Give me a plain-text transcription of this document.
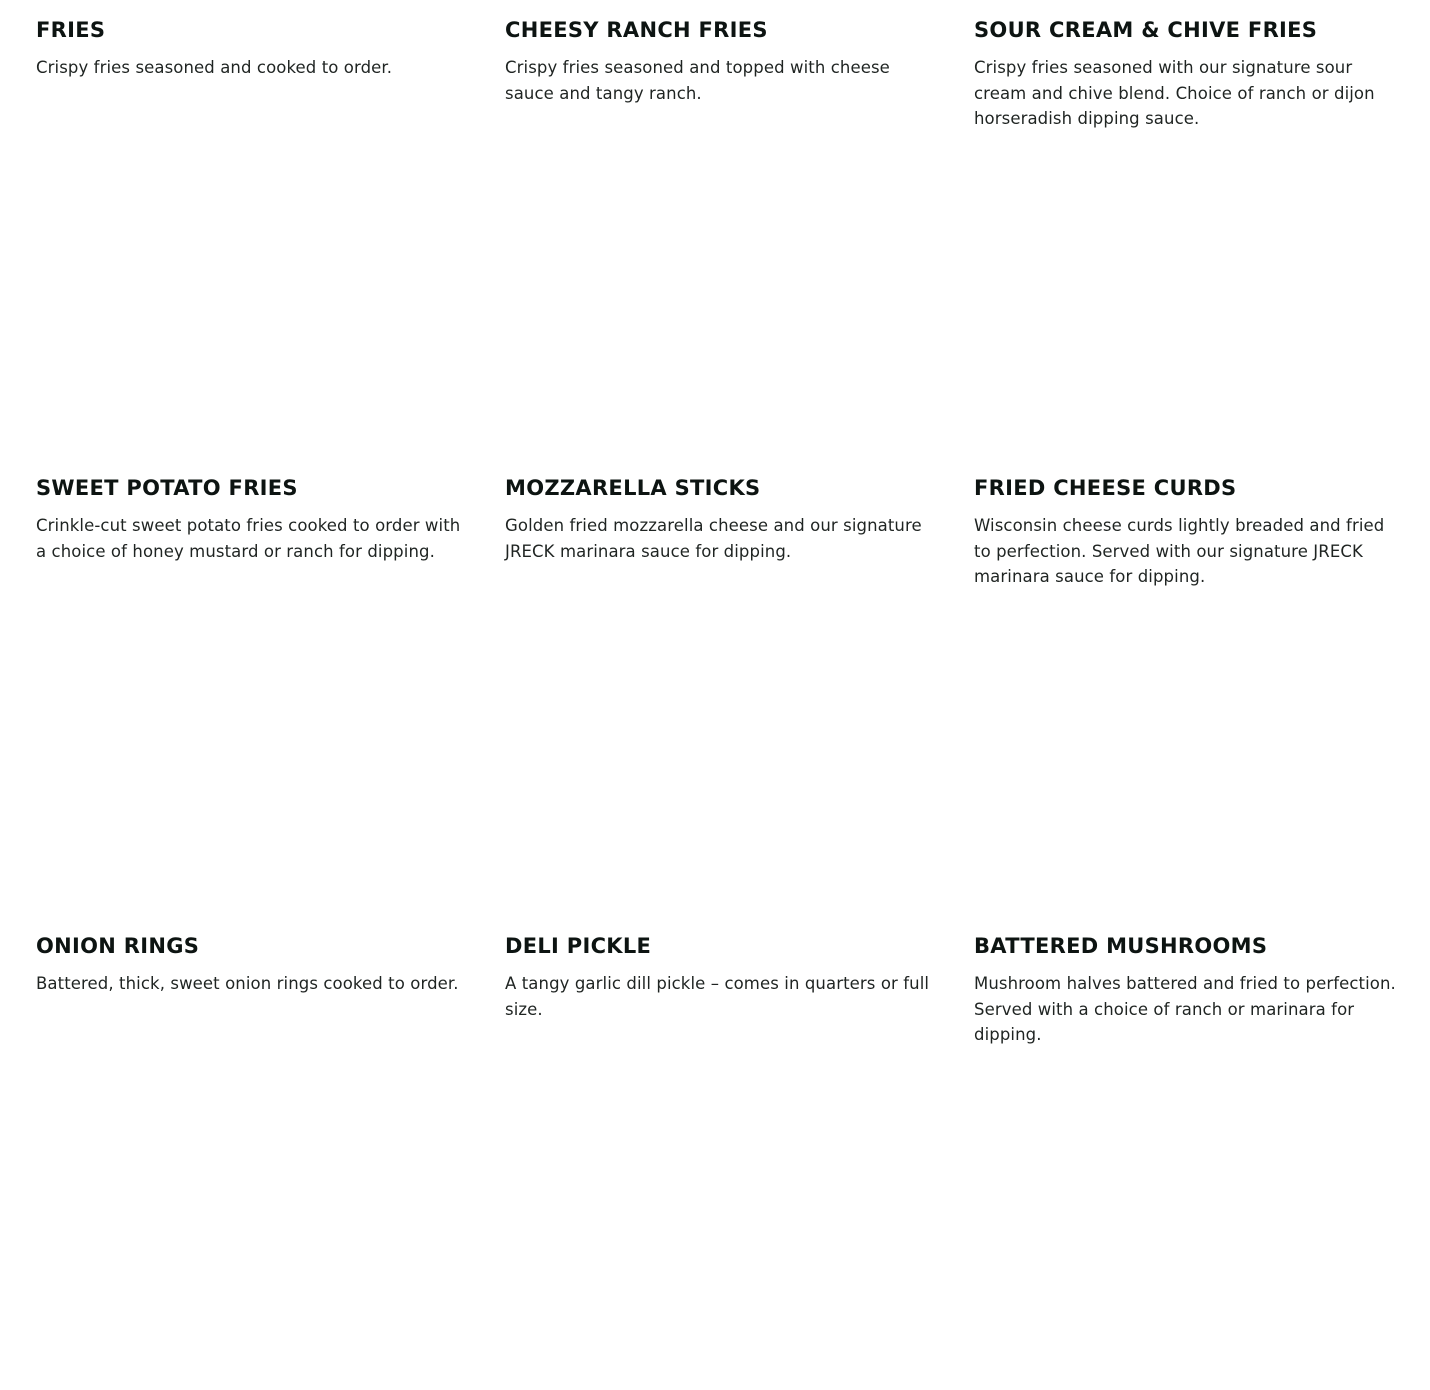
FRIES

Crispy fries seasoned and cooked to order.

CHEESY RANCH FRIES

Crispy fries seasoned and topped with cheese sauce and tangy ranch.

SOUR CREAM & CHIVE FRIES

Crispy fries seasoned with our signature sour cream and chive blend. Choice of ranch or dijon horseradish dipping sauce.

SWEET POTATO FRIES

Crinkle-cut sweet potato fries cooked to order with a choice of honey mustard or ranch for dipping.

MOZZARELLA STICKS

Golden fried mozzarella cheese and our signature JRECK marinara sauce for dipping.

FRIED CHEESE CURDS

Wisconsin cheese curds lightly breaded and fried to perfection. Served with our signature JRECK marinara sauce for dipping.

ONION RINGS

Battered, thick, sweet onion rings cooked to order.

DELI PICKLE

A tangy garlic dill pickle – comes in quarters or full size.

BATTERED MUSHROOMS

Mushroom halves battered and fried to perfection. Served with a choice of ranch or marinara for dipping.
